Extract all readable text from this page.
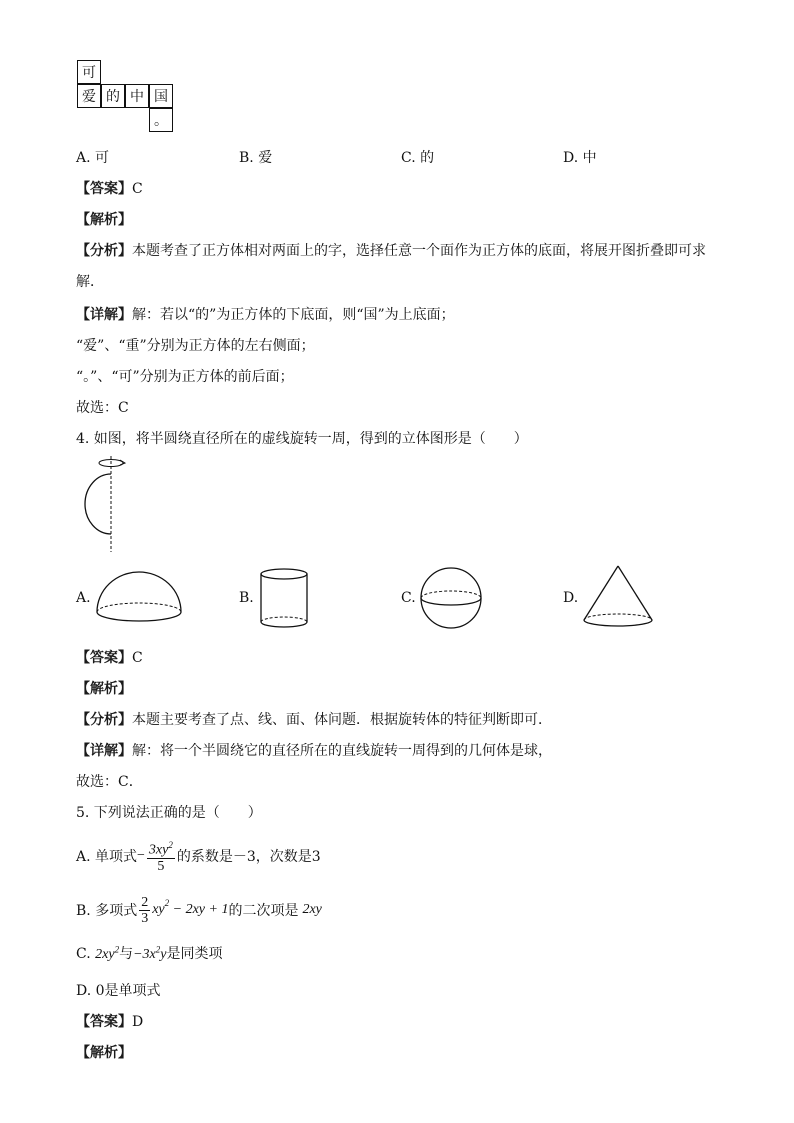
可
爱 的 中 国
。
A. 可	B. 爱	C. 的	D. 中
【答案】C
【解析】
【分析】本题考查了正方体相对两面上的字，选择任意一个面作为正方体的底面，将展开图折叠即可求
解．
【详解】解：若以“的”为正方体的下底面，则“国”为上底面；
“爱”、“重”分别为正方体的左右侧面；
“。”、“可”分别为正方体的前后面；
故选：C
4. 如图，将半圆绕直径所在的虚线旋转一周，得到的立体图形是（　　）
A.	B.	C.	D.
【答案】C
【解析】
【分析】本题主要考查了点、线、面、体问题．根据旋转体的特征判断即可．
【详解】解：将一个半圆绕它的直径所在的直线旋转一周得到的几何体是球，
故选：C．
5. 下列说法正确的是（　　）
A. 单项式 − $\frac{3xy^2}{5}$ 的系数是－3，次数是3
B. 多项式 $\frac{2}{3} xy^2 - 2xy + 1$ 的二次项是 2xy
C. $2xy^2$与$-3x^2y$是同类项
D. 0是单项式
【答案】D
【解析】
